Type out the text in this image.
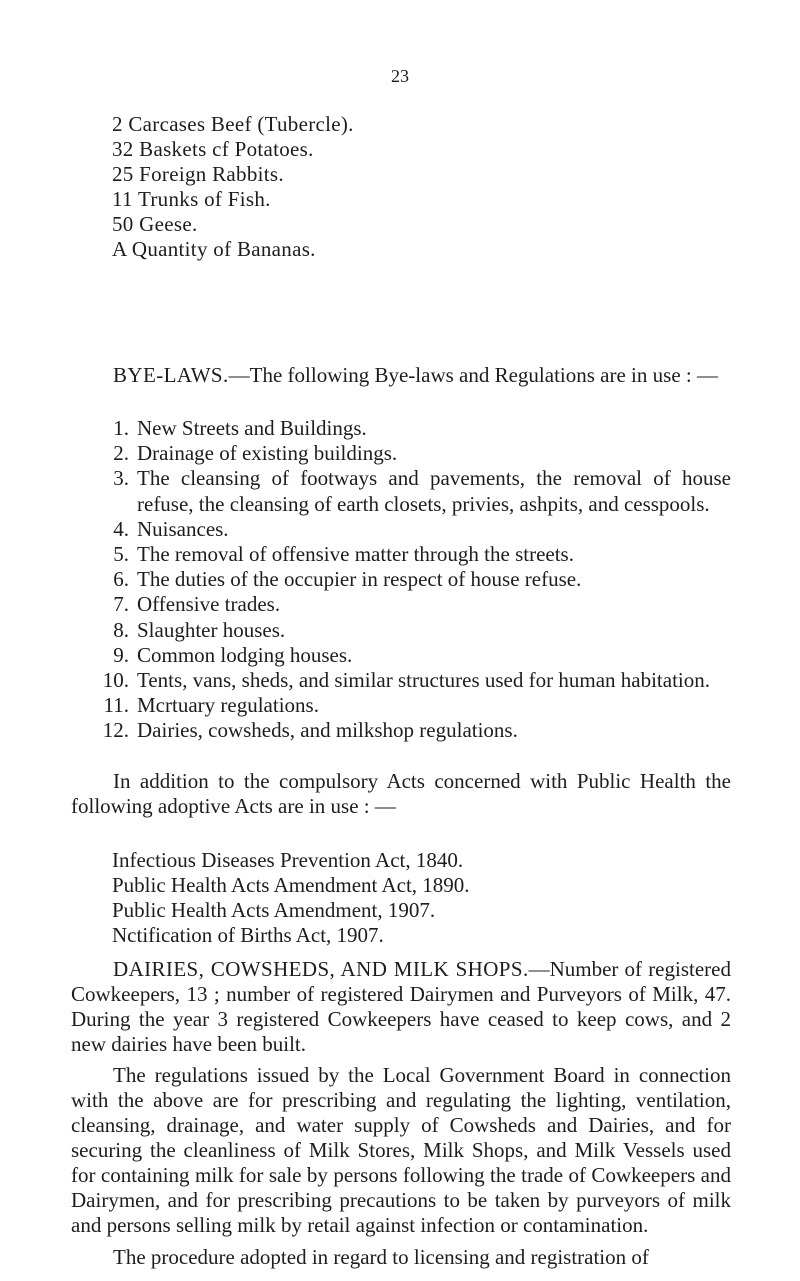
23
2 Carcases Beef (Tubercle).
32 Baskets cf Potatoes.
25 Foreign Rabbits.
11 Trunks of Fish.
50 Geese.
A Quantity of Bananas.

BYE-LAWS.—The following Bye-laws and Regulations are in use : —

1. New Streets and Buildings.
2. Drainage of existing buildings.
3. The cleansing of footways and pavements, the removal of house refuse, the cleansing of earth closets, privies, ashpits, and cesspools.
4. Nuisances.
5. The removal of offensive matter through the streets.
6. The duties of the occupier in respect of house refuse.
7. Offensive trades.
8. Slaughter houses.
9. Common lodging houses.
10. Tents, vans, sheds, and similar structures used for human habitation.
11. Mcrtuary regulations.
12. Dairies, cowsheds, and milkshop regulations.

In addition to the compulsory Acts concerned with Public Health the following adoptive Acts are in use : —

Infectious Diseases Prevention Act, 1840.
Public Health Acts Amendment Act, 1890.
Public Health Acts Amendment, 1907.
Nctification of Births Act, 1907.

DAIRIES, COWSHEDS, AND MILK SHOPS.—Number of registered Cowkeepers, 13 ; number of registered Dairymen and Purveyors of Milk, 47. During the year 3 registered Cowkeepers have ceased to keep cows, and 2 new dairies have been built.

The regulations issued by the Local Government Board in connection with the above are for prescribing and regulating the lighting, ventilation, cleansing, drainage, and water supply of Cowsheds and Dairies, and for securing the cleanliness of Milk Stores, Milk Shops, and Milk Vessels used for containing milk for sale by persons following the trade of Cowkeepers and Dairymen, and for prescribing precautions to be taken by purveyors of milk and persons selling milk by retail against infection or contamination.

The procedure adopted in regard to licensing and registration of
